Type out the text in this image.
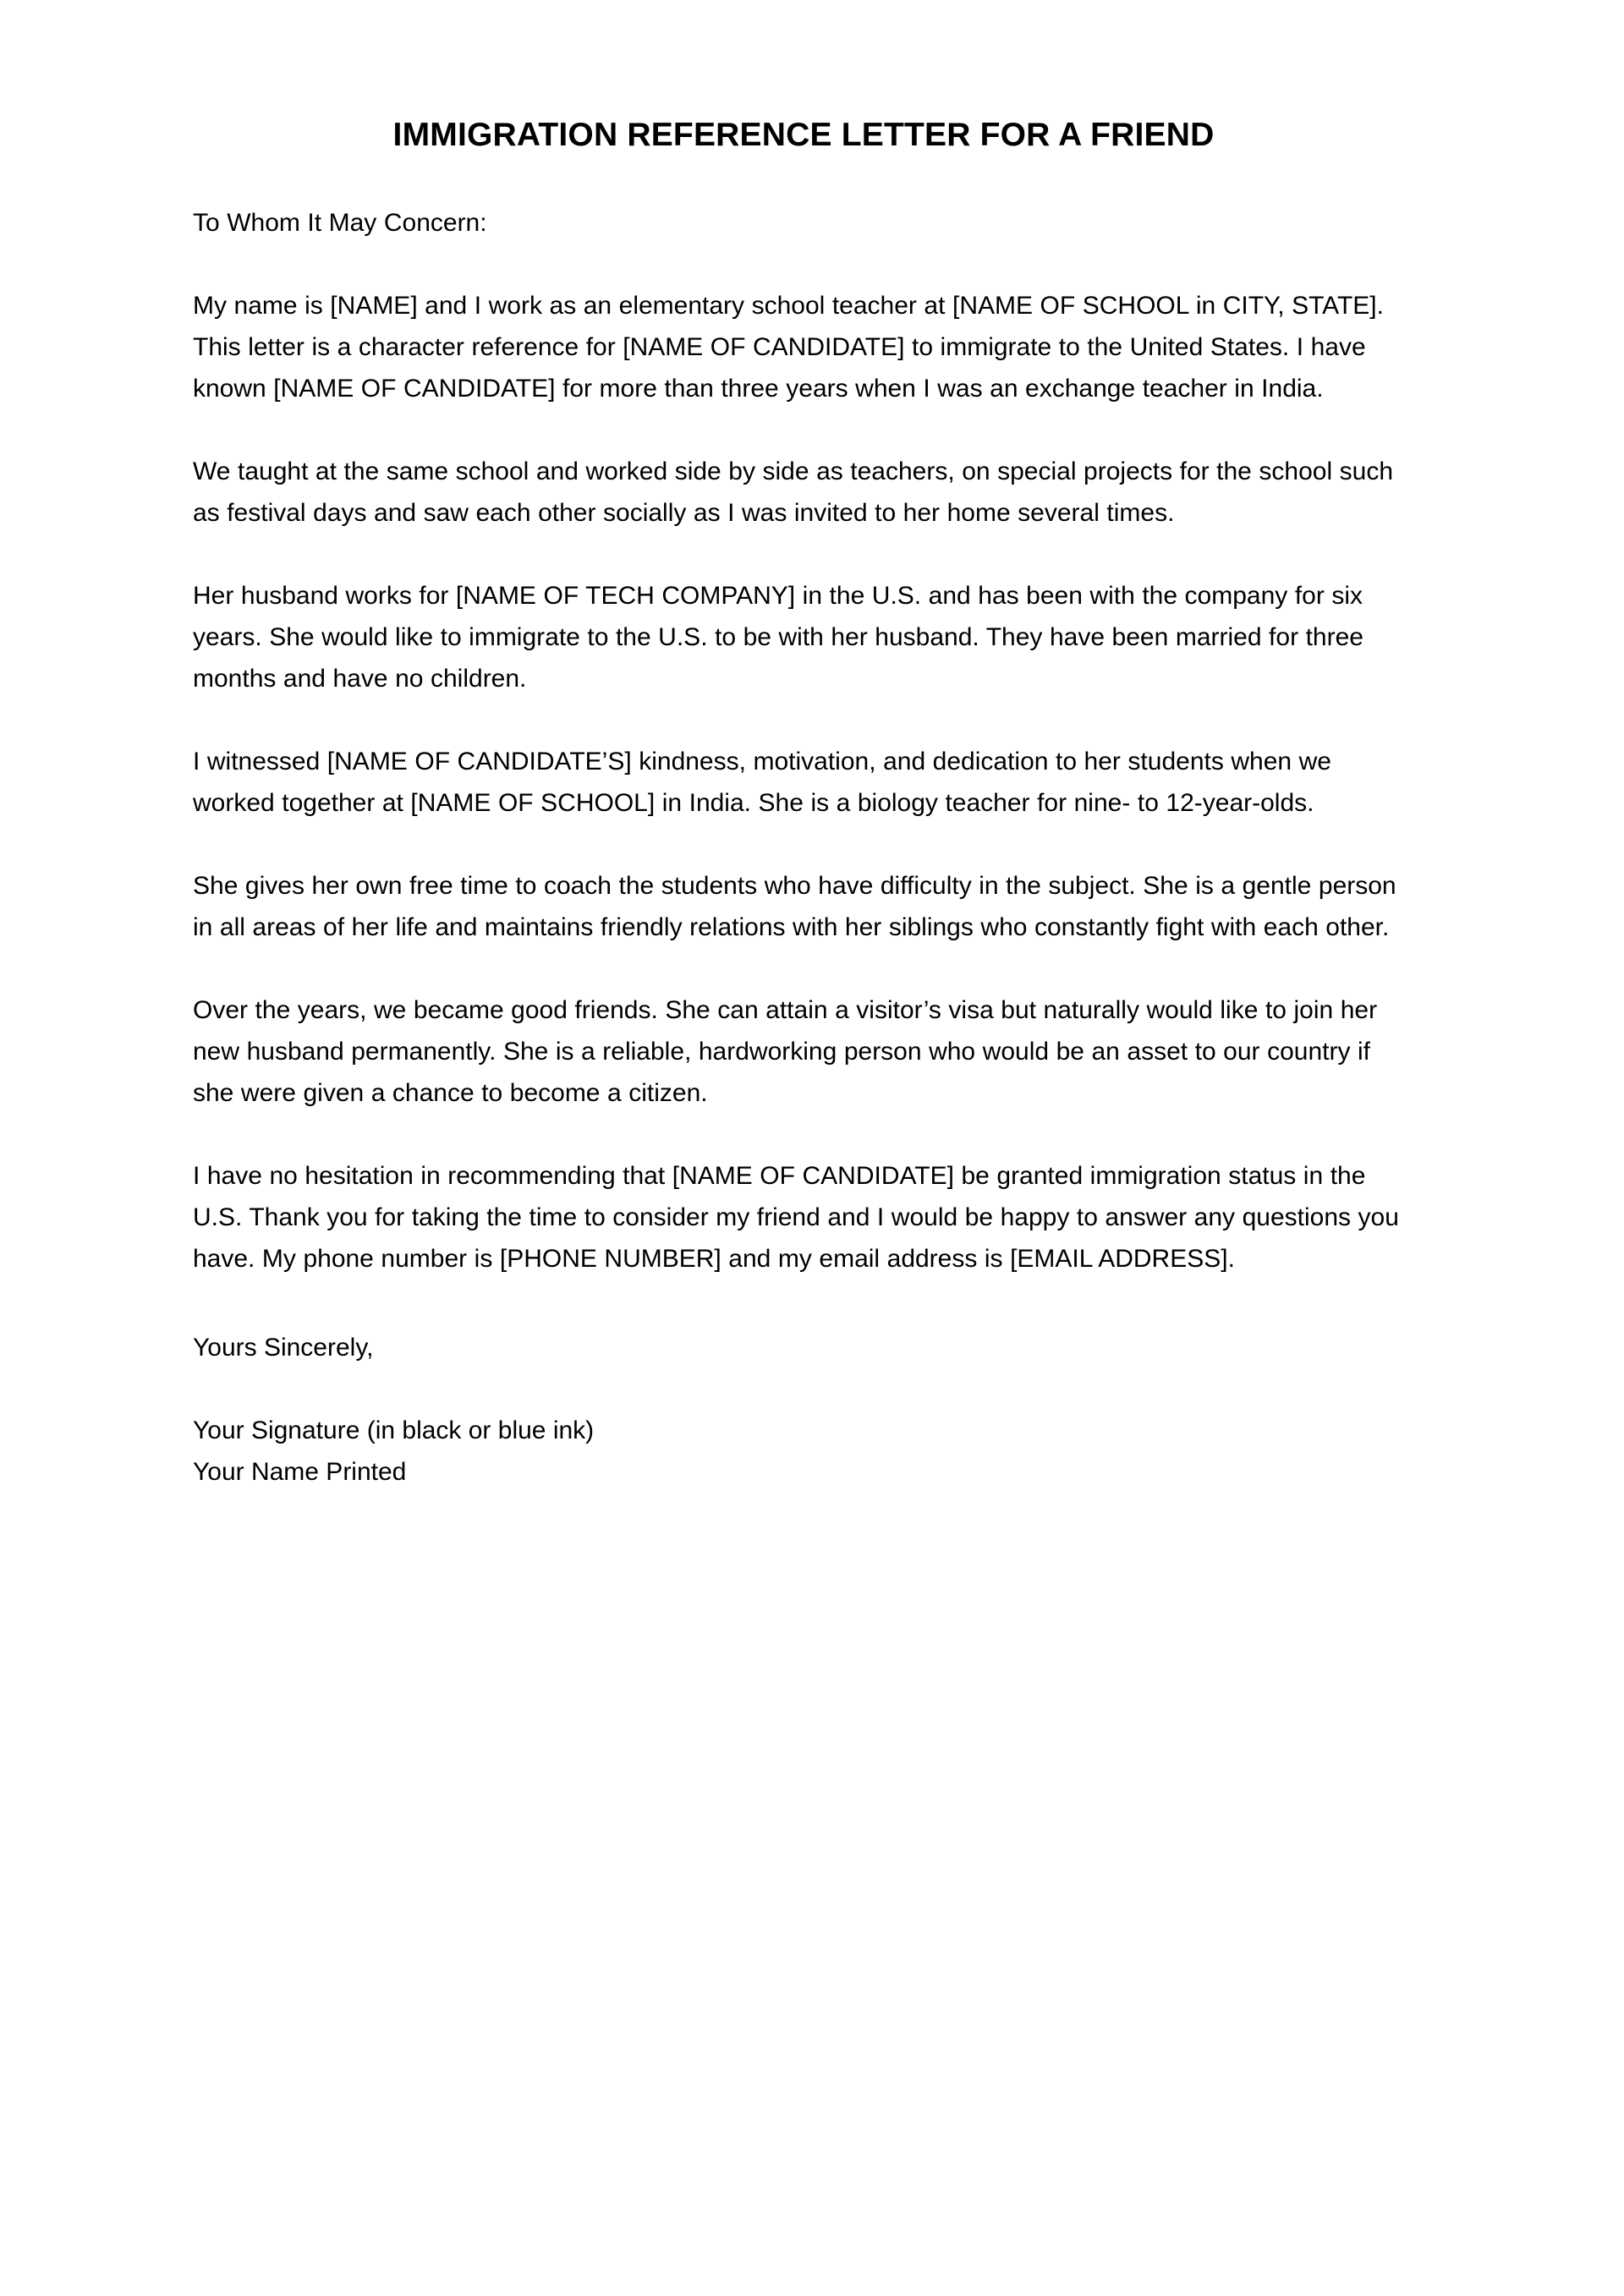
IMMIGRATION REFERENCE LETTER FOR A FRIEND

To Whom It May Concern:

My name is [NAME] and I work as an elementary school teacher at [NAME OF SCHOOL in CITY, STATE]. This letter is a character reference for [NAME OF CANDIDATE] to immigrate to the United States. I have known [NAME OF CANDIDATE] for more than three years when I was an exchange teacher in India.

We taught at the same school and worked side by side as teachers, on special projects for the school such as festival days and saw each other socially as I was invited to her home several times.

Her husband works for [NAME OF TECH COMPANY] in the U.S. and has been with the company for six years. She would like to immigrate to the U.S. to be with her husband. They have been married for three months and have no children.

I witnessed [NAME OF CANDIDATE’S] kindness, motivation, and dedication to her students when we worked together at [NAME OF SCHOOL] in India. She is a biology teacher for nine- to 12-year-olds.

She gives her own free time to coach the students who have difficulty in the subject. She is a gentle person in all areas of her life and maintains friendly relations with her siblings who constantly fight with each other.

Over the years, we became good friends. She can attain a visitor’s visa but naturally would like to join her new husband permanently. She is a reliable, hardworking person who would be an asset to our country if she were given a chance to become a citizen.

I have no hesitation in recommending that [NAME OF CANDIDATE] be granted immigration status in the U.S. Thank you for taking the time to consider my friend and I would be happy to answer any questions you have. My phone number is [PHONE NUMBER] and my email address is [EMAIL ADDRESS].

Yours Sincerely,

Your Signature (in black or blue ink)

Your Name Printed
